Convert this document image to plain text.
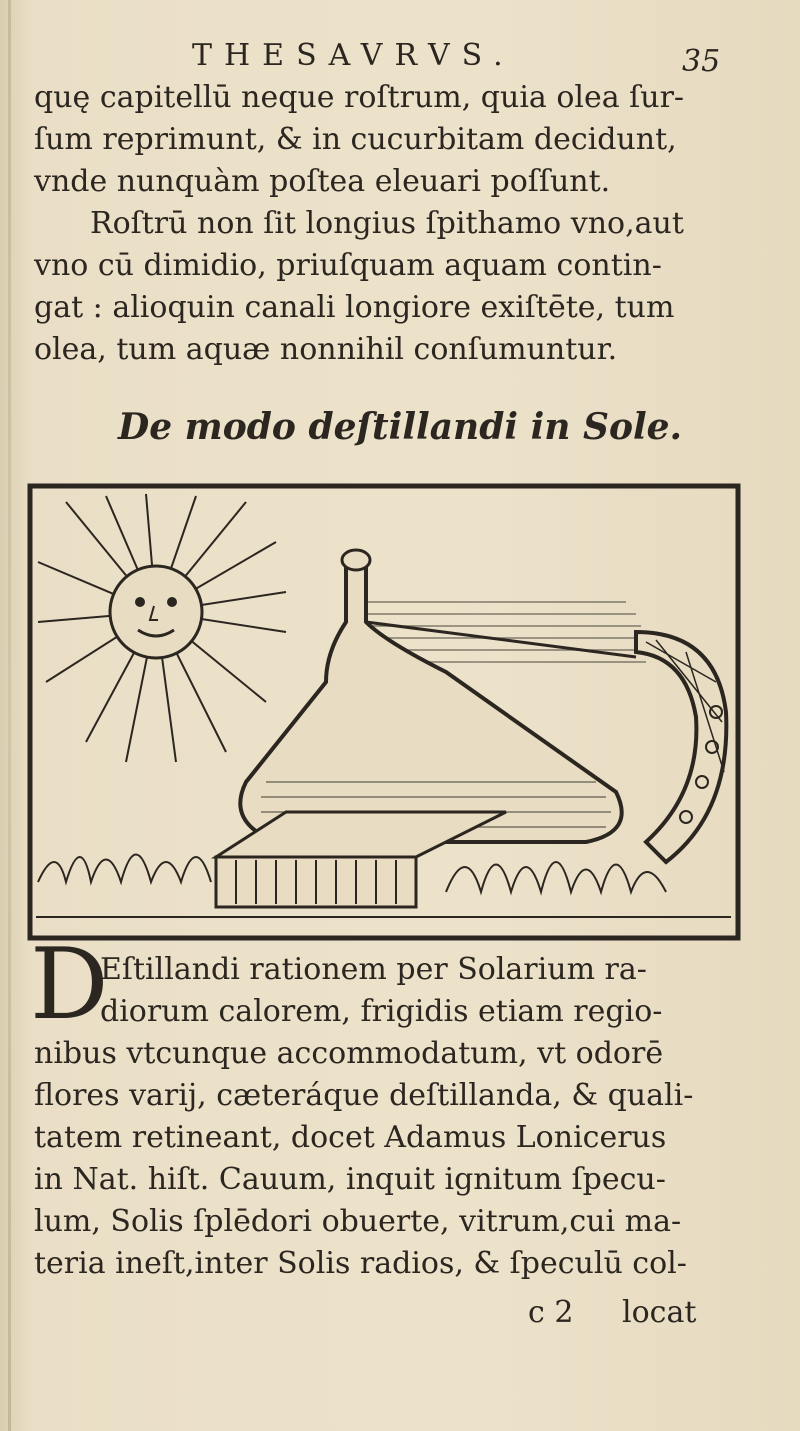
THESAVRVS.	35
quę capitellū neque roſtrum, quia olea ſur-
ſum reprimunt, & in cucurbitam decidunt,
vnde nunquàm poſtea eleuari poſſunt.
Roſtrū non ſit longius ſpithamo vno,aut
vno cū dimidio, priuſquam aquam contin-
gat : alioquin canali longiore exiſtēte, tum
olea, tum aquæ nonnihil conſumuntur.
De modo deſtillandi in Sole.
D
Eſtillandi rationem per Solarium ra-
diorum calorem, frigidis etiam regio-
nibus vtcunque accommodatum, vt odorē
flores varij, cæteráque deſtillanda, & quali-
tatem retineant, docet Adamus Lonicerus
in Nat. hiſt. Cauum, inquit ignitum ſpecu-
lum, Solis ſplēdori obuerte, vitrum,cui ma-
teria ineſt,inter Solis radios, & ſpeculū col-
c 2 locat
